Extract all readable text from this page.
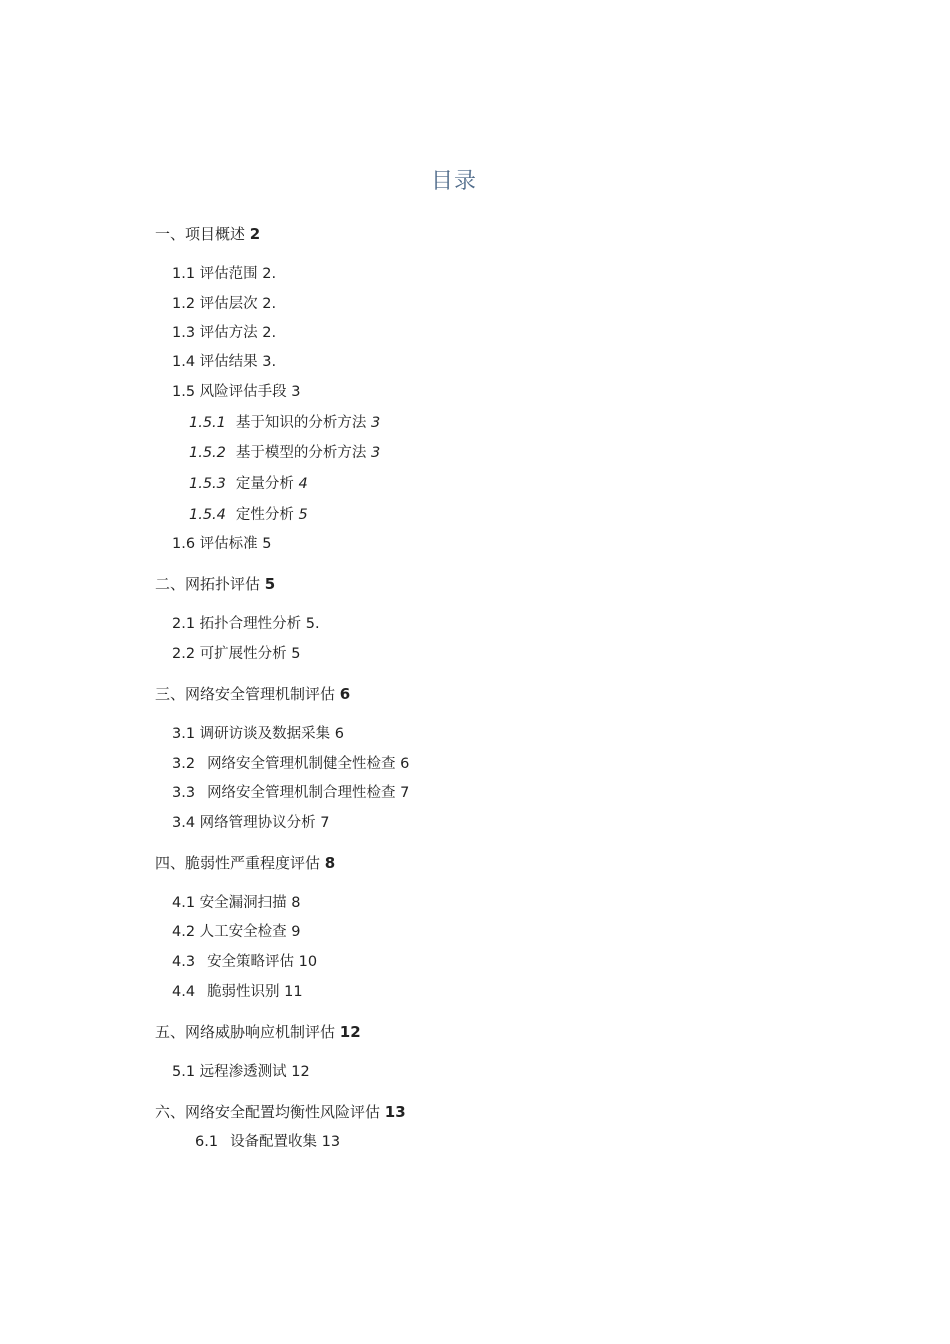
目录
一、项目概述 2
1.1 评估范围 2.
1.2 评估层次 2.
1.3 评估方法 2.
1.4 评估结果 3.
1.5 风险评估手段 3
1.5.1 基于知识的分析方法 3
1.5.2 基于模型的分析方法 3
1.5.3 定量分析 4
1.5.4 定性分析 5
1.6 评估标准 5
二、网拓扑评估 5
2.1 拓扑合理性分析 5.
2.2 可扩展性分析 5
三、网络安全管理机制评估 6
3.1 调研访谈及数据采集 6
3.2 网络安全管理机制健全性检查 6
3.3 网络安全管理机制合理性检查 7
3.4 网络管理协议分析 7
四、脆弱性严重程度评估 8
4.1 安全漏洞扫描 8
4.2 人工安全检查 9
4.3 安全策略评估 10
4.4 脆弱性识别 11
五、网络威胁响应机制评估 12
5.1 远程渗透测试 12
六、网络安全配置均衡性风险评估 13
6.1 设备配置收集 13
